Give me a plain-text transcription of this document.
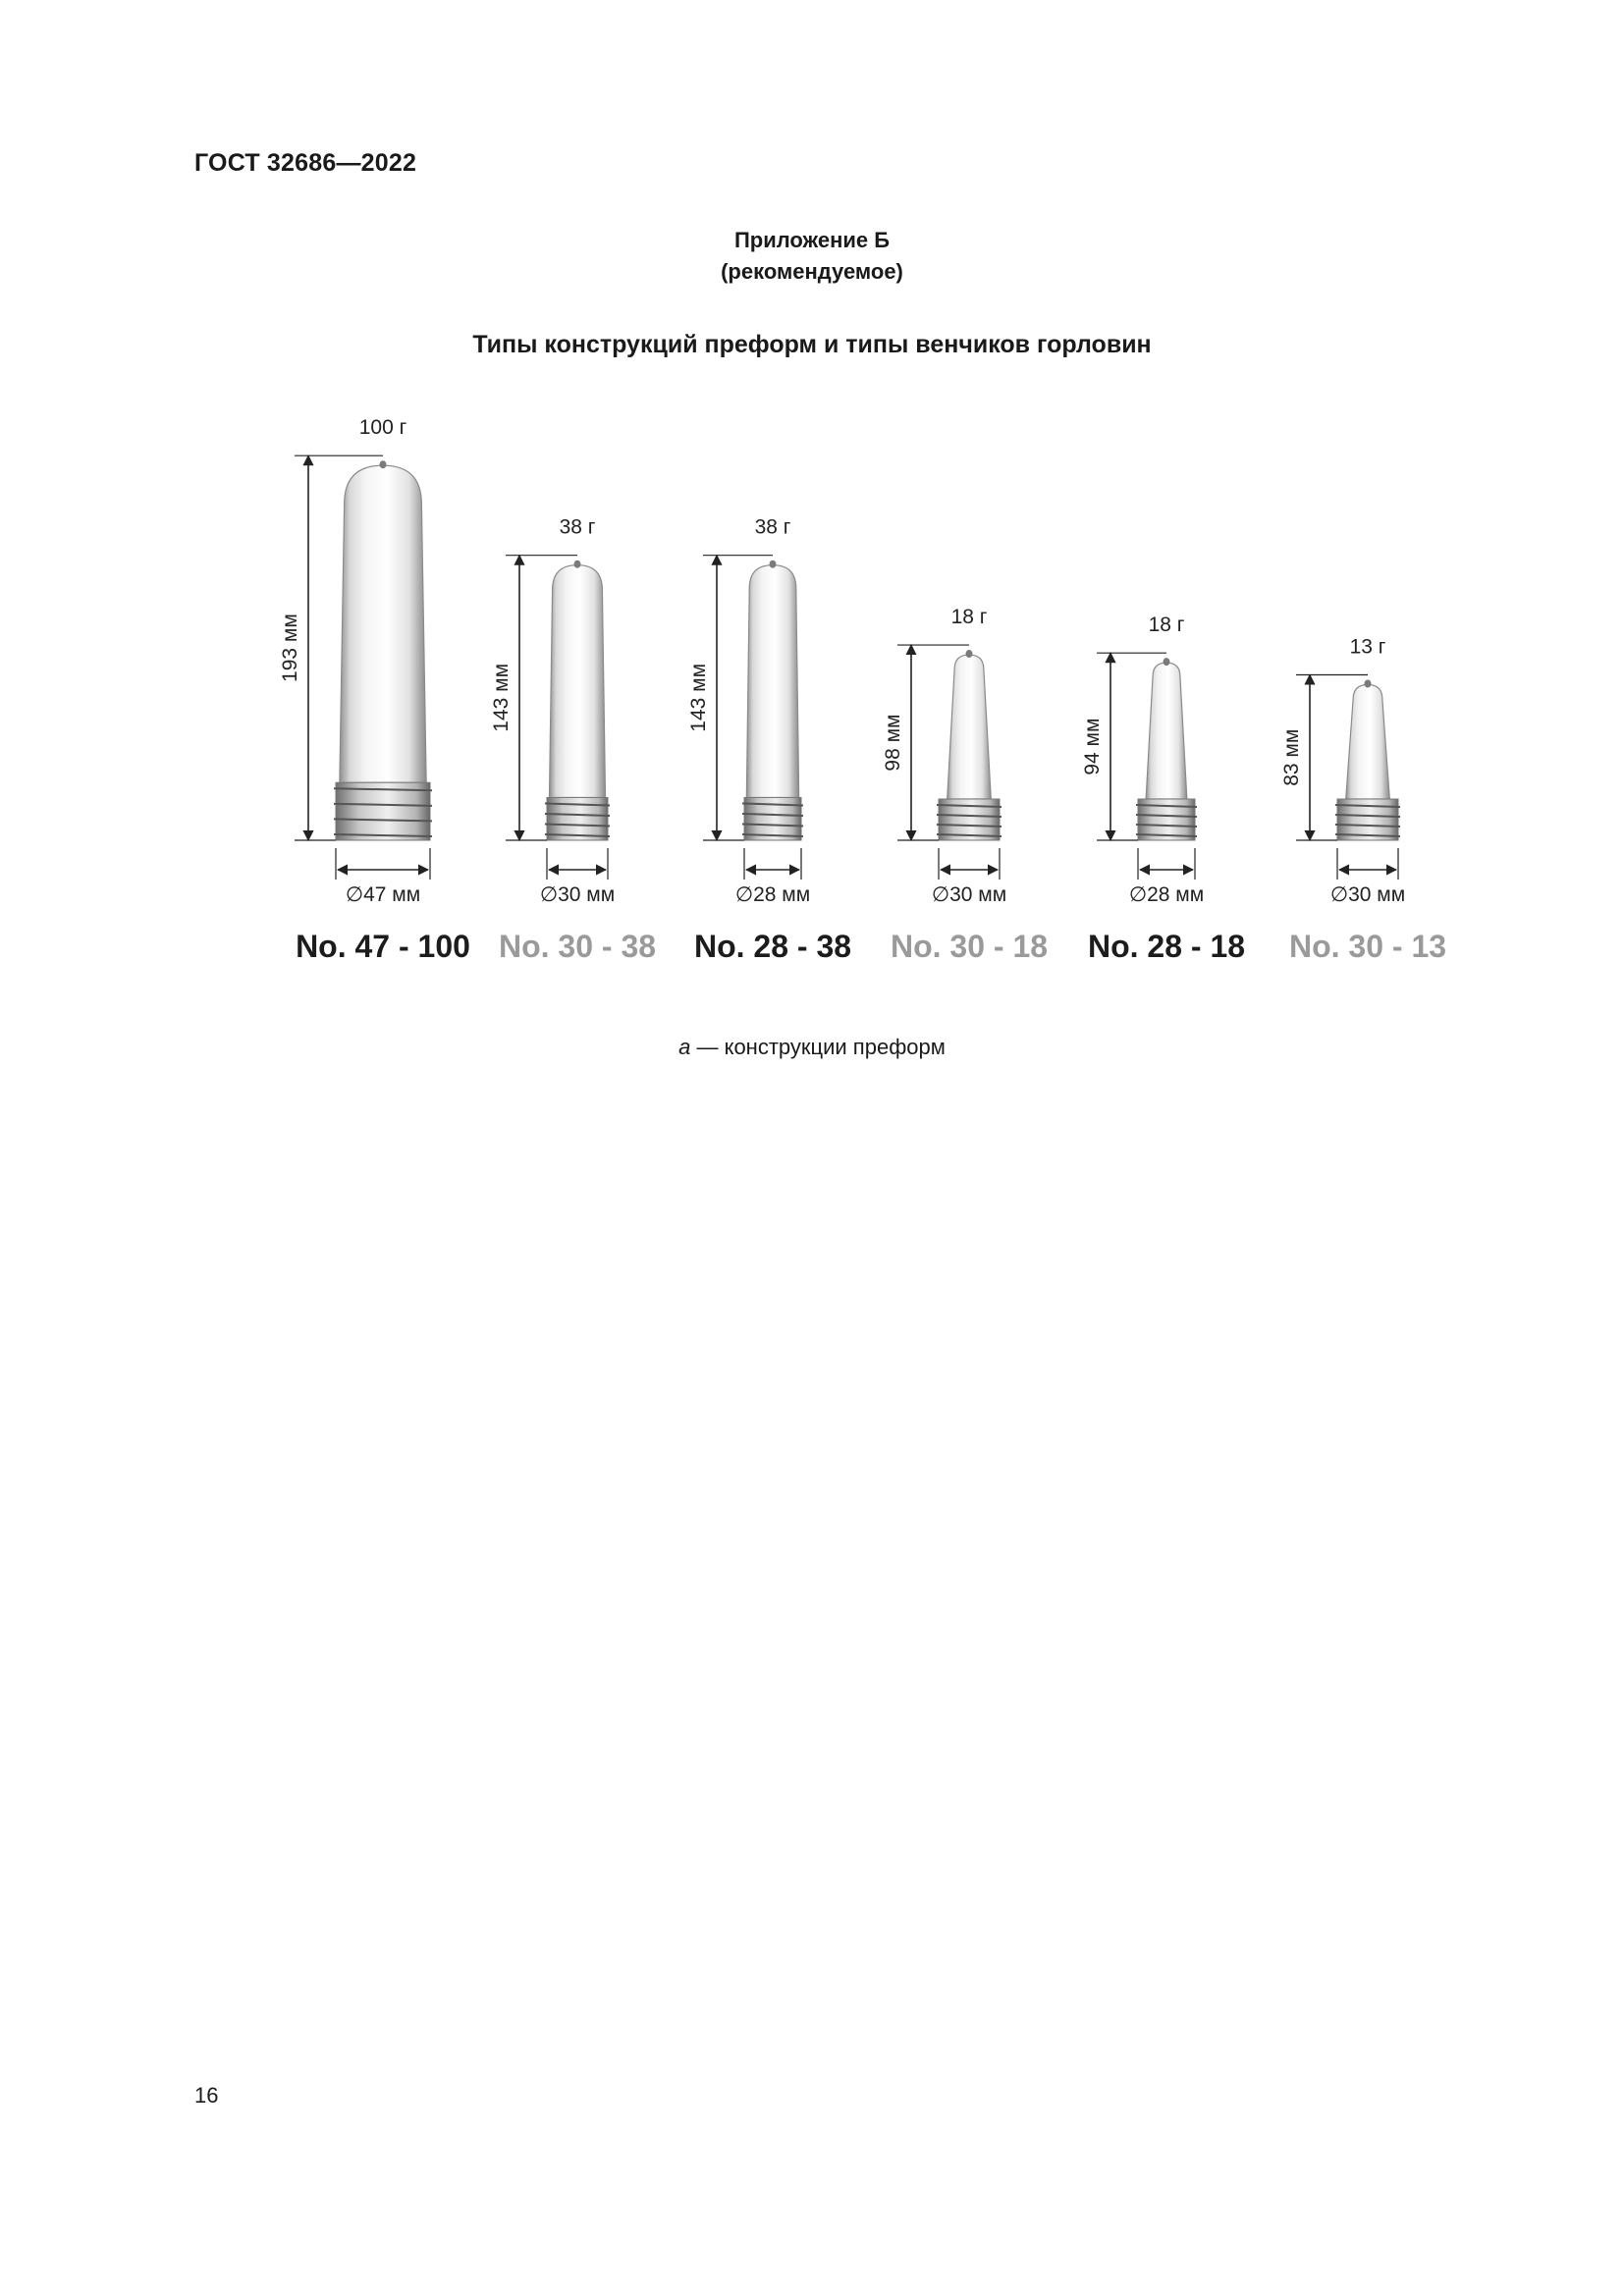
ГОСТ 32686—2022
Приложение Б
(рекомендуемое)
Типы конструкций преформ и типы венчиков горловин
193 мм
100 г
∅47 мм
No. 47 - 100
143 мм
38 г
∅30 мм
No. 30 - 38
143 мм
38 г
∅28 мм
No. 28 - 38
98 мм
18 г
∅30 мм
No. 30 - 18
94 мм
18 г
∅28 мм
No. 28 - 18
83 мм
13 г
∅30 мм
No. 30 - 13
а — конструкции преформ
16
